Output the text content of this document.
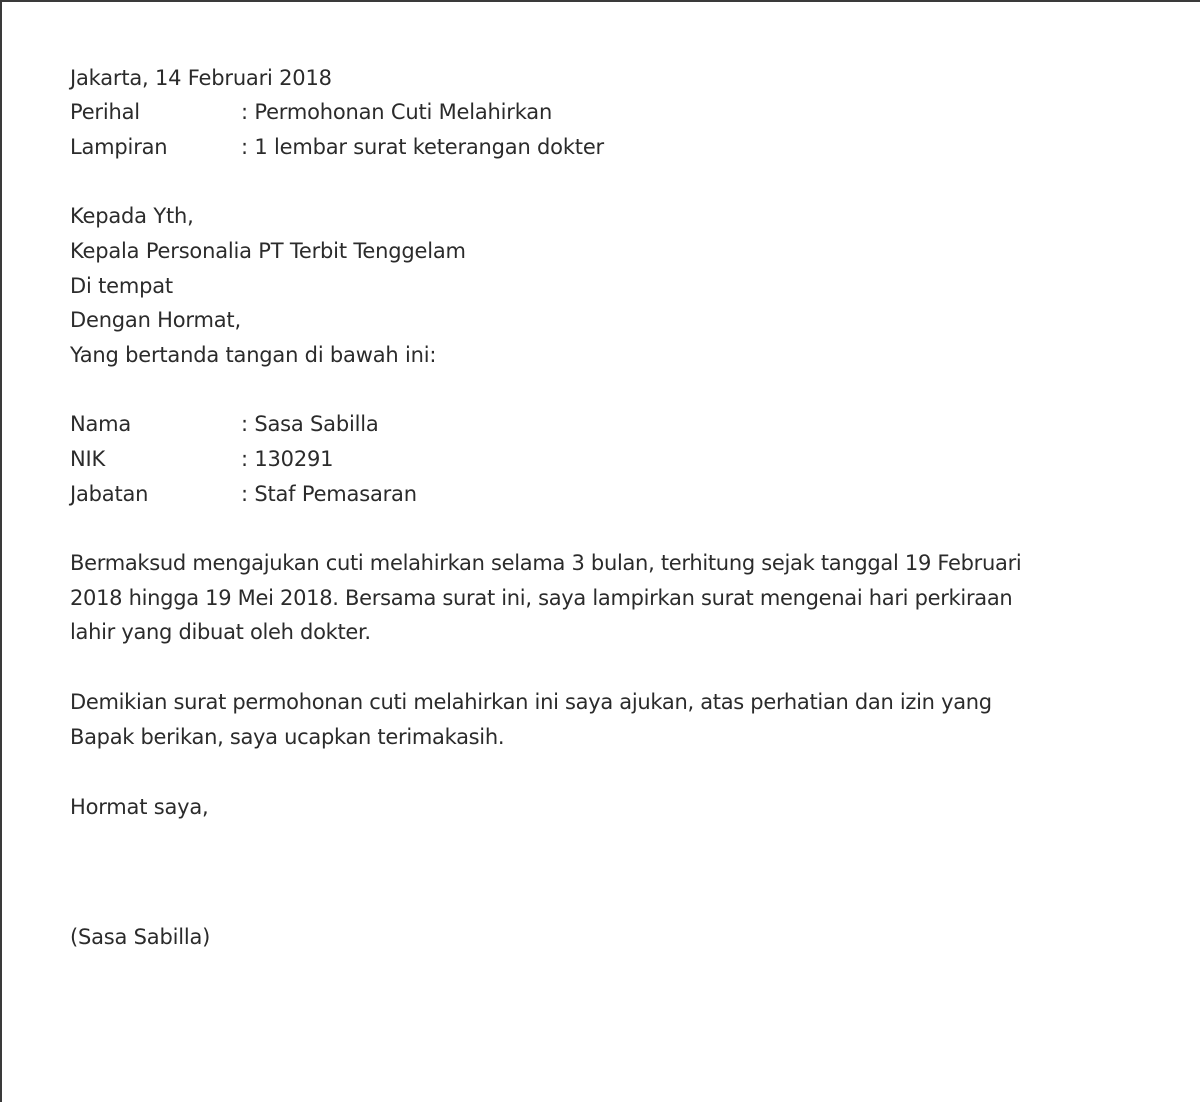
Jakarta, 14 Februari 2018
Perihal	: Permohonan Cuti Melahirkan
Lampiran	: 1 lembar surat keterangan dokter
Kepada Yth,
Kepala Personalia PT Terbit Tenggelam
Di tempat
Dengan Hormat,
Yang bertanda tangan di bawah ini:
Nama	: Sasa Sabilla
NIK	: 130291
Jabatan	: Staf Pemasaran
Bermaksud mengajukan cuti melahirkan selama 3 bulan, terhitung sejak tanggal 19 Februari
2018 hingga 19 Mei 2018. Bersama surat ini, saya lampirkan surat mengenai hari perkiraan
lahir yang dibuat oleh dokter.
Demikian surat permohonan cuti melahirkan ini saya ajukan, atas perhatian dan izin yang
Bapak berikan, saya ucapkan terimakasih.
Hormat saya,
(Sasa Sabilla)
